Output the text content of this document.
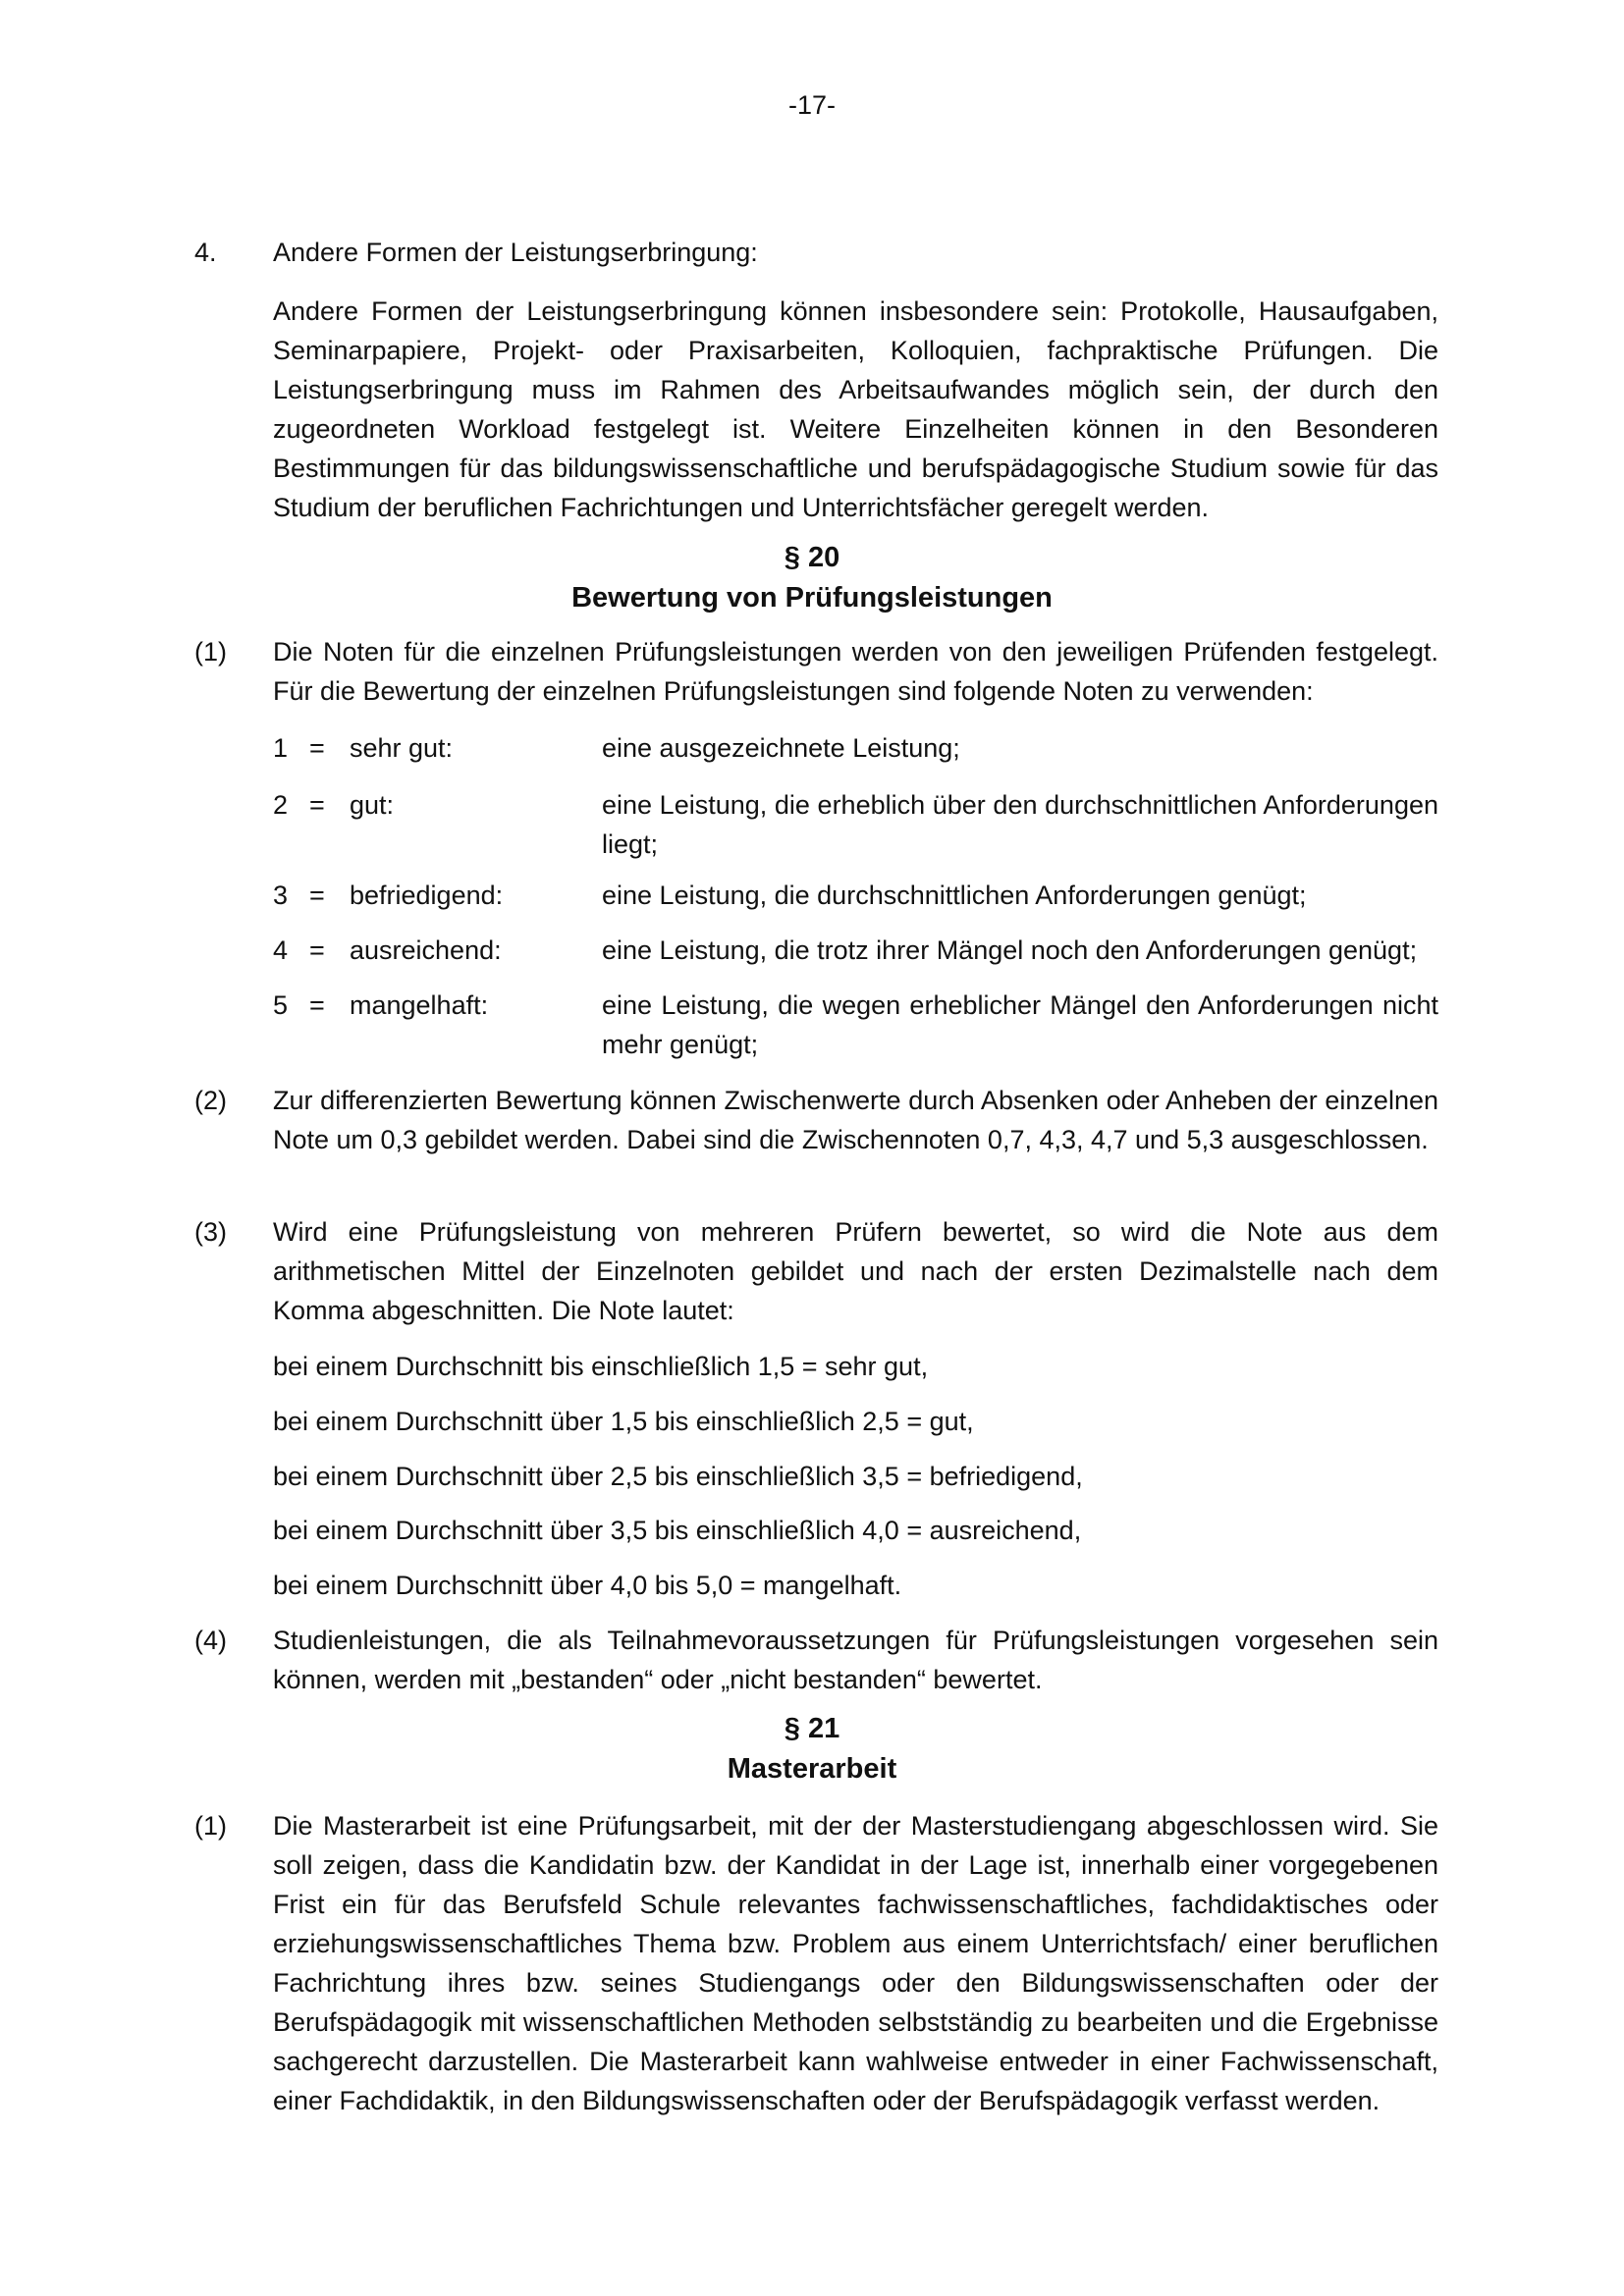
-17-
4. Andere Formen der Leistungserbringung:
Andere Formen der Leistungserbringung können insbesondere sein: Protokolle, Hausaufgaben, Seminarpapiere, Projekt- oder Praxisarbeiten, Kolloquien, fachpraktische Prüfungen. Die Leistungserbringung muss im Rahmen des Arbeitsaufwandes möglich sein, der durch den zugeordneten Workload festgelegt ist. Weitere Einzelheiten können in den Besonderen Bestimmungen für das bildungswissenschaftliche und berufspädagogische Studium sowie für das Studium der beruflichen Fachrichtungen und Unterrichtsfächer geregelt werden.
§ 20
Bewertung von Prüfungsleistungen
(1) Die Noten für die einzelnen Prüfungsleistungen werden von den jeweiligen Prüfenden festgelegt. Für die Bewertung der einzelnen Prüfungsleistungen sind folgende Noten zu verwenden:
1 = sehr gut:	eine ausgezeichnete Leistung;
2 = gut:	eine Leistung, die erheblich über den durchschnittlichen Anforderungen liegt;
3 = befriedigend:	eine Leistung, die durchschnittlichen Anforderungen genügt;
4 = ausreichend:	eine Leistung, die trotz ihrer Mängel noch den Anforderungen genügt;
5 = mangelhaft:	eine Leistung, die wegen erheblicher Mängel den Anforderungen nicht mehr genügt;
(2) Zur differenzierten Bewertung können Zwischenwerte durch Absenken oder Anheben der einzelnen Note um 0,3 gebildet werden. Dabei sind die Zwischennoten 0,7, 4,3, 4,7 und 5,3 ausgeschlossen.
(3) Wird eine Prüfungsleistung von mehreren Prüfern bewertet, so wird die Note aus dem arithmetischen Mittel der Einzelnoten gebildet und nach der ersten Dezimalstelle nach dem Komma abgeschnitten. Die Note lautet:
bei einem Durchschnitt bis einschließlich 1,5 = sehr gut,
bei einem Durchschnitt über 1,5 bis einschließlich 2,5 = gut,
bei einem Durchschnitt über 2,5 bis einschließlich 3,5 = befriedigend,
bei einem Durchschnitt über 3,5 bis einschließlich 4,0 = ausreichend,
bei einem Durchschnitt über 4,0 bis 5,0 = mangelhaft.
(4) Studienleistungen, die als Teilnahmevoraussetzungen für Prüfungsleistungen vorgesehen sein können, werden mit „bestanden“ oder „nicht bestanden“ bewertet.
§ 21
Masterarbeit
(1) Die Masterarbeit ist eine Prüfungsarbeit, mit der der Masterstudiengang abgeschlossen wird. Sie soll zeigen, dass die Kandidatin bzw. der Kandidat in der Lage ist, innerhalb einer vorgegebenen Frist ein für das Berufsfeld Schule relevantes fachwissenschaftliches, fachdidaktisches oder erziehungswissenschaftliches Thema bzw. Problem aus einem Unterrichtsfach/ einer beruflichen Fachrichtung ihres bzw. seines Studiengangs oder den Bildungswissenschaften oder der Berufspädagogik mit wissenschaftlichen Methoden selbstständig zu bearbeiten und die Ergebnisse sachgerecht darzustellen. Die Masterarbeit kann wahlweise entweder in einer Fachwissenschaft, einer Fachdidaktik, in den Bildungswissenschaften oder der Berufspädagogik verfasst werden.
